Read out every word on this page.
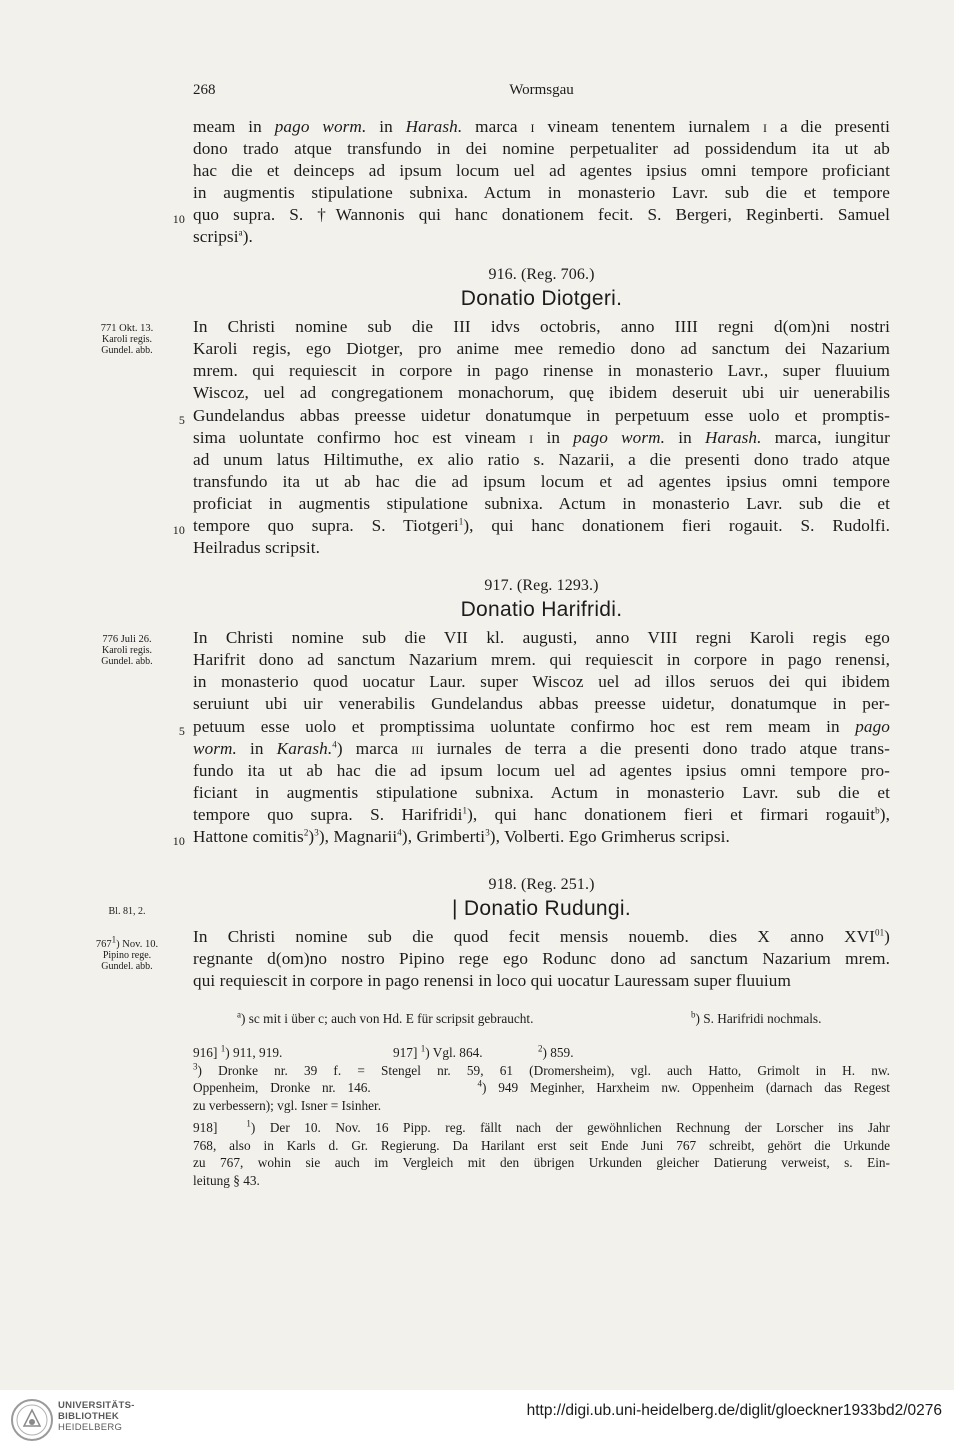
268	Wormsgau
meam in pago worm. in Harash. marca i vineam tenentem iurnalem i a die presenti
dono trado atque transfundo in dei nomine perpetualiter ad possidendum ita ut ab
hac die et deinceps ad ipsum locum uel ad agentes ipsius omni tempore proficiant
in augmentis stipulatione subnixa. Actum in monasterio Lavr. sub die et tempore
10 quo supra. S. †Wannonis qui hanc donationem fecit. S. Bergeri, Reginberti. Samuel
scripsi$^a$).
916. (Reg. 706.)
Donatio Diotgeri.
In Christi nomine sub die III idvs octobris, anno IIII regni d(om)ni nostri
Karoli regis, ego Diotger, pro anime mee remedio dono ad sanctum dei Nazarium
mrem. qui requiescit in corpore in pago rinense in monasterio Lavr., super fluuium
Wiscoz, uel ad congregationem monachorum, quę ibidem deseruit ubi uir uenerabilis
5 Gundelandus abbas preesse uidetur donatumque in perpetuum esse uolo et promptis-
sima uoluntate confirmo hoc est vineam i in pago worm. in Harash. marca, iungitur
ad unum latus Hiltimuthe, ex alio ratio s. Nazarii, a die presenti dono trado atque
transfundo ita ut ab hac die ad ipsum locum et ad agentes ipsius omni tempore
proficiat in augmentis stipulatione subnixa. Actum in monasterio Lavr. sub die et
10 tempore quo supra. S. Tiotgeri$^1$), qui hanc donationem fieri rogauit. S. Rudolfi.
Heilradus scripsit.
771 Okt. 13.
Karoli regis.
Gundel. abb.
917. (Reg. 1293.)
Donatio Harifridi.
In Christi nomine sub die VII kl. augusti, anno VIII regni Karoli regis ego
Harifrit dono ad sanctum Nazarium mrem. qui requiescit in corpore in pago renensi,
in monasterio quod uocatur Laur. super Wiscoz uel ad illos seruos dei qui ibidem
seruiunt ubi uir venerabilis Gundelandus abbas preesse uidetur, donatumque in per-
5 petuum esse uolo et promptissima uoluntate confirmo hoc est rem meam in pago
worm. in Karash.$^4$) marca iii iurnales de terra a die presenti dono trado atque trans-
fundo ita ut ab hac die ad ipsum locum uel ad agentes ipsius omni tempore pro-
ficiant in augmentis stipulatione subnixa. Actum in monasterio Lavr. sub die et
tempore quo supra. S. Harifridi$^1$), qui hanc donationem fieri et firmari rogauit$^b$),
10 Hattone comitis$^2$)$^3$), Magnarii$^4$), Grimberti$^3$), Volberti. Ego Grimherus scripsi.
776 Juli 26.
Karoli regis.
Gundel. abb.
918. (Reg. 251.)
| Donatio Rudungi.
In Christi nomine sub die quod fecit mensis nouemb. dies X anno XVI$^{01}$)
regnante d(om)no nostro Pipino rege ego Rodunc dono ad sanctum Nazarium mrem.
qui requiescit in corpore in pago renensi in loco qui uocatur Lauressam super fluuium
Bl. 81, 2.
$767^1$) Nov. 10.
Pipino rege.
Gundel. abb.
$^a$) sc mit i über c; auch von Hd. E für scripsit gebraucht.	$^b$) S. Harifridi nochmals.
916] $^1$) 911, 919.	917] $^1$) Vgl. 864.	$^2$) 859.
$^3$) Dronke nr. 39 f. = Stengel nr. 59, 61 (Dromersheim), vgl. auch Hatto, Grimolt in H. nw.
Oppenheim, Dronke nr. 146.         $^4$) 949 Meginher, Harxheim nw. Oppenheim (darnach das Regest
zu verbessern); vgl. Isner = Isinher.
918]  $^1$) Der 10. Nov. 16 Pipp. reg. fällt nach der gewöhnlichen Rechnung der Lorscher ins Jahr
768, also in Karls d. Gr. Regierung. Da Harilant erst seit Ende Juni 767 schreibt, gehört die Urkunde
zu 767, wohin sie auch im Vergleich mit den übrigen Urkunden gleicher Datierung verweist, s. Ein-
leitung § 43.
UNIVERSITÄTS-
BIBLIOTHEK
HEIDELBERG
http://digi.ub.uni-heidelberg.de/diglit/gloeckner1933bd2/0276
